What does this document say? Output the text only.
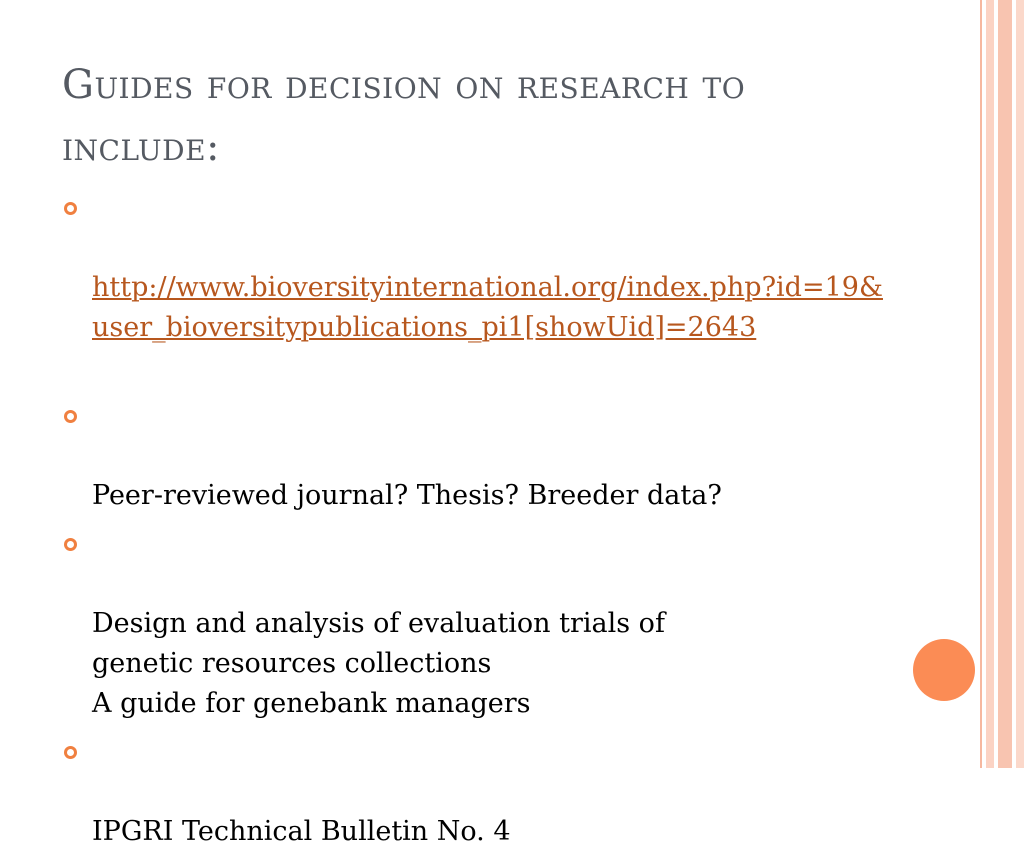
Guides for decision on research to include:

http://www.bioversityinternational.org/index.php?id=19&user_bioversitypublications_pi1[showUid]=2643

Peer-reviewed journal? Thesis? Breeder data?

Design and analysis of evaluation trials of
genetic resources collections
A guide for genebank managers

IPGRI Technical Bulletin No. 4
